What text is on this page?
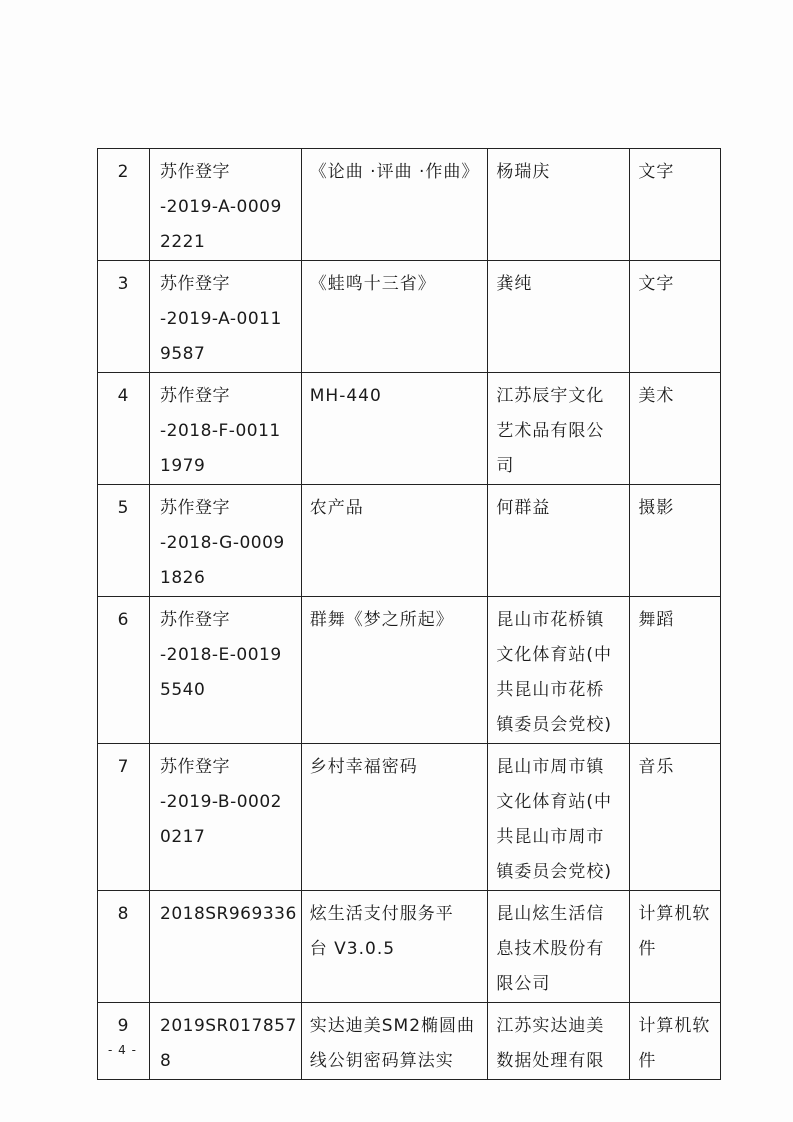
2	苏作登字
-2019-A-0009
2221	《论曲 ·评曲 ·作曲》	杨瑞庆	文字

3	苏作登字
-2019-A-0011
9587	《蛙鸣十三省》	龚纯	文字

4	苏作登字
-2018-F-0011
1979	MH-440	江苏辰宇文化
艺术品有限公
司	美术

5	苏作登字
-2018-G-0009
1826	农产品	何群益	摄影

6	苏作登字
-2018-E-0019
5540	群舞《梦之所起》	昆山市花桥镇
文化体育站(中
共昆山市花桥
镇委员会党校)	舞蹈

7	苏作登字
-2019-B-0002
0217	乡村幸福密码	昆山市周市镇
文化体育站(中
共昆山市周市
镇委员会党校)	音乐

8	2018SR969336	炫生活支付服务平
台 V3.0.5	昆山炫生活信
息技术股份有
限公司	计算机软
件

9	2019SR017857
8	实达迪美SM2椭圆曲
线公钥密码算法实	江苏实达迪美
数据处理有限	计算机软
件
- 4 -
